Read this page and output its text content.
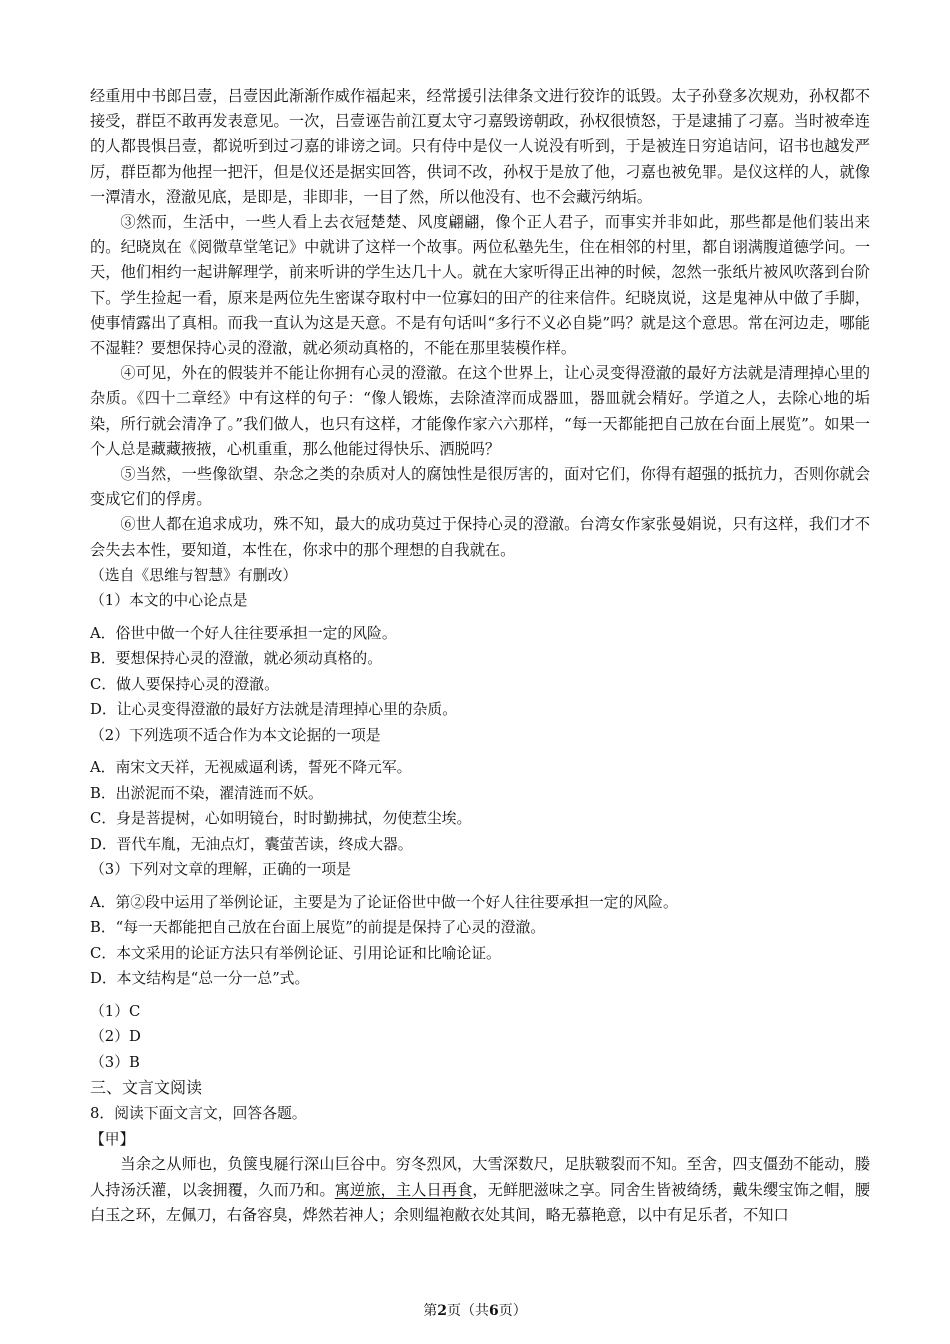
经重用中书郎吕壹，吕壹因此渐渐作威作福起来，经常援引法律条文进行狡诈的诋毁。太子孙登多次规劝，孙权都不接受，群臣不敢再发表意见。一次，吕壹诬告前江夏太守刁嘉毁谤朝政，孙权很愤怒，于是逮捕了刁嘉。当时被牵连的人都畏惧吕壹，都说听到过刁嘉的诽谤之词。只有侍中是仪一人说没有听到，于是被连日穷追诘问，诏书也越发严厉，群臣都为他捏一把汗，但是仪还是据实回答，供词不改，孙权于是放了他，刁嘉也被免罪。是仪这样的人，就像一潭清水，澄澈见底，是即是，非即非，一目了然，所以他没有、也不会藏污纳垢。

③然而，生活中，一些人看上去衣冠楚楚、风度翩翩，像个正人君子，而事实并非如此，那些都是他们装出来的。纪晓岚在《阅微草堂笔记》中就讲了这样一个故事。两位私塾先生，住在相邻的村里，都自诩满腹道德学问。一天，他们相约一起讲解理学，前来听讲的学生达几十人。就在大家听得正出神的时候，忽然一张纸片被风吹落到台阶下。学生捡起一看，原来是两位先生密谋夺取村中一位寡妇的田产的往来信件。纪晓岚说，这是鬼神从中做了手脚，使事情露出了真相。而我一直认为这是天意。不是有句话叫“多行不义必自毙”吗？就是这个意思。常在河边走，哪能不湿鞋？要想保持心灵的澄澈，就必须动真格的，不能在那里装模作样。

④可见，外在的假装并不能让你拥有心灵的澄澈。在这个世界上，让心灵变得澄澈的最好方法就是清理掉心里的杂质。《四十二章经》中有这样的句子：“像人锻炼，去除渣滓而成器皿，器皿就会精好。学道之人，去除心地的垢染，所行就会清净了。”我们做人，也只有这样，才能像作家六六那样，“每一天都能把自己放在台面上展览”。如果一个人总是藏藏掖掖，心机重重，那么他能过得快乐、洒脱吗？

⑤当然，一些像欲望、杂念之类的杂质对人的腐蚀性是很厉害的，面对它们，你得有超强的抵抗力，否则你就会变成它们的俘虏。

⑥世人都在追求成功，殊不知，最大的成功莫过于保持心灵的澄澈。台湾女作家张曼娟说，只有这样，我们才不会失去本性，要知道，本性在，你求中的那个理想的自我就在。

（选自《思维与智慧》有删改）

（1）本文的中心论点是

A．俗世中做一个好人往往要承担一定的风险。

B．要想保持心灵的澄澈，就必须动真格的。

C．做人要保持心灵的澄澈。

D．让心灵变得澄澈的最好方法就是清理掉心里的杂质。

（2）下列选项不适合作为本文论据的一项是

A．南宋文天祥，无视威逼利诱，誓死不降元军。

B．出淤泥而不染，濯清涟而不妖。

C．身是菩提树，心如明镜台，时时勤拂拭，勿使惹尘埃。

D．晋代车胤，无油点灯，囊萤苦读，终成大器。

（3）下列对文章的理解，正确的一项是

A．第②段中运用了举例论证，主要是为了论证俗世中做一个好人往往要承担一定的风险。

B．“每一天都能把自己放在台面上展览”的前提是保持了心灵的澄澈。

C．本文采用的论证方法只有举例论证、引用论证和比喻论证。

D．本文结构是“总一分一总”式。

（1）C

（2）D

（3）B

三、文言文阅读

8．阅读下面文言文，回答各题。

【甲】

当余之从师也，负箧曳屣行深山巨谷中。穷冬烈风，大雪深数尺，足肤皲裂而不知。至舍，四支僵劲不能动，媵人持汤沃灌，以衾拥覆，久而乃和。寓逆旅，主人日再食，无鲜肥滋味之享。同舍生皆被绮绣，戴朱缨宝饰之帽，腰白玉之环，左佩刀，右备容臭，烨然若神人；余则缊袍敝衣处其间，略无慕艳意，以中有足乐者，不知口

第2页（共6页）
